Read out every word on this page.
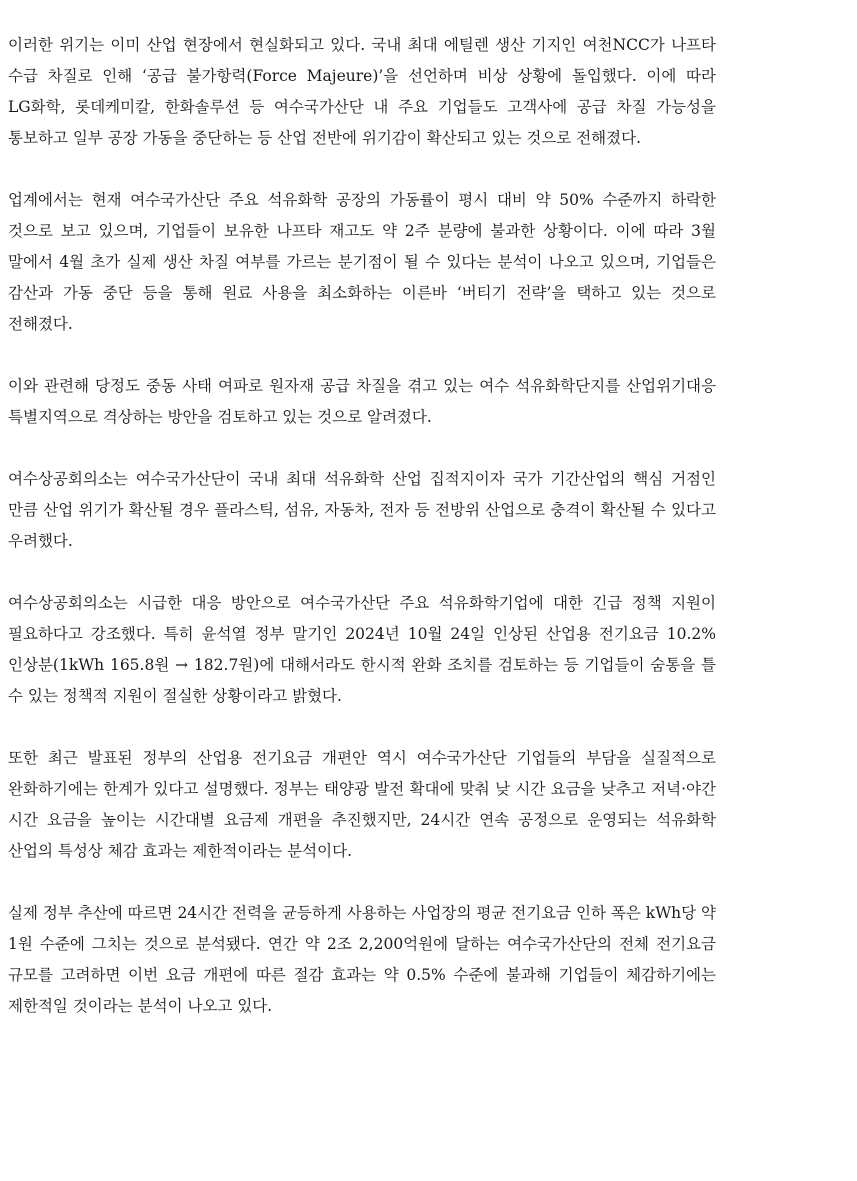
이러한 위기는 이미 산업 현장에서 현실화되고 있다. 국내 최대 에틸렌 생산 기지인 여천NCC가 나프타 수급 차질로 인해 ‘공급 불가항력(Force Majeure)’을 선언하며 비상 상황에 돌입했다. 이에 따라 LG화학, 롯데케미칼, 한화솔루션 등 여수국가산단 내 주요 기업들도 고객사에 공급 차질 가능성을 통보하고 일부 공장 가동을 중단하는 등 산업 전반에 위기감이 확산되고 있는 것으로 전해졌다.

업계에서는 현재 여수국가산단 주요 석유화학 공장의 가동률이 평시 대비 약 50% 수준까지 하락한 것으로 보고 있으며, 기업들이 보유한 나프타 재고도 약 2주 분량에 불과한 상황이다. 이에 따라 3월 말에서 4월 초가 실제 생산 차질 여부를 가르는 분기점이 될 수 있다는 분석이 나오고 있으며, 기업들은 감산과 가동 중단 등을 통해 원료 사용을 최소화하는 이른바 ‘버티기 전략’을 택하고 있는 것으로 전해졌다.

이와 관련해 당정도 중동 사태 여파로 원자재 공급 차질을 겪고 있는 여수 석유화학단지를 산업위기대응 특별지역으로 격상하는 방안을 검토하고 있는 것으로 알려졌다.

여수상공회의소는 여수국가산단이 국내 최대 석유화학 산업 집적지이자 국가 기간산업의 핵심 거점인 만큼 산업 위기가 확산될 경우 플라스틱, 섬유, 자동차, 전자 등 전방위 산업으로 충격이 확산될 수 있다고 우려했다.

여수상공회의소는 시급한 대응 방안으로 여수국가산단 주요 석유화학기업에 대한 긴급 정책 지원이 필요하다고 강조했다. 특히 윤석열 정부 말기인 2024년 10월 24일 인상된 산업용 전기요금 10.2% 인상분(1kWh 165.8원 → 182.7원)에 대해서라도 한시적 완화 조치를 검토하는 등 기업들이 숨통을 틀 수 있는 정책적 지원이 절실한 상황이라고 밝혔다.

또한 최근 발표된 정부의 산업용 전기요금 개편안 역시 여수국가산단 기업들의 부담을 실질적으로 완화하기에는 한계가 있다고 설명했다. 정부는 태양광 발전 확대에 맞춰 낮 시간 요금을 낮추고 저녁·야간 시간 요금을 높이는 시간대별 요금제 개편을 추진했지만, 24시간 연속 공정으로 운영되는 석유화학 산업의 특성상 체감 효과는 제한적이라는 분석이다.

실제 정부 추산에 따르면 24시간 전력을 균등하게 사용하는 사업장의 평균 전기요금 인하 폭은 kWh당 약 1원 수준에 그치는 것으로 분석됐다. 연간 약 2조 2,200억원에 달하는 여수국가산단의 전체 전기요금 규모를 고려하면 이번 요금 개편에 따른 절감 효과는 약 0.5% 수준에 불과해 기업들이 체감하기에는 제한적일 것이라는 분석이 나오고 있다.
